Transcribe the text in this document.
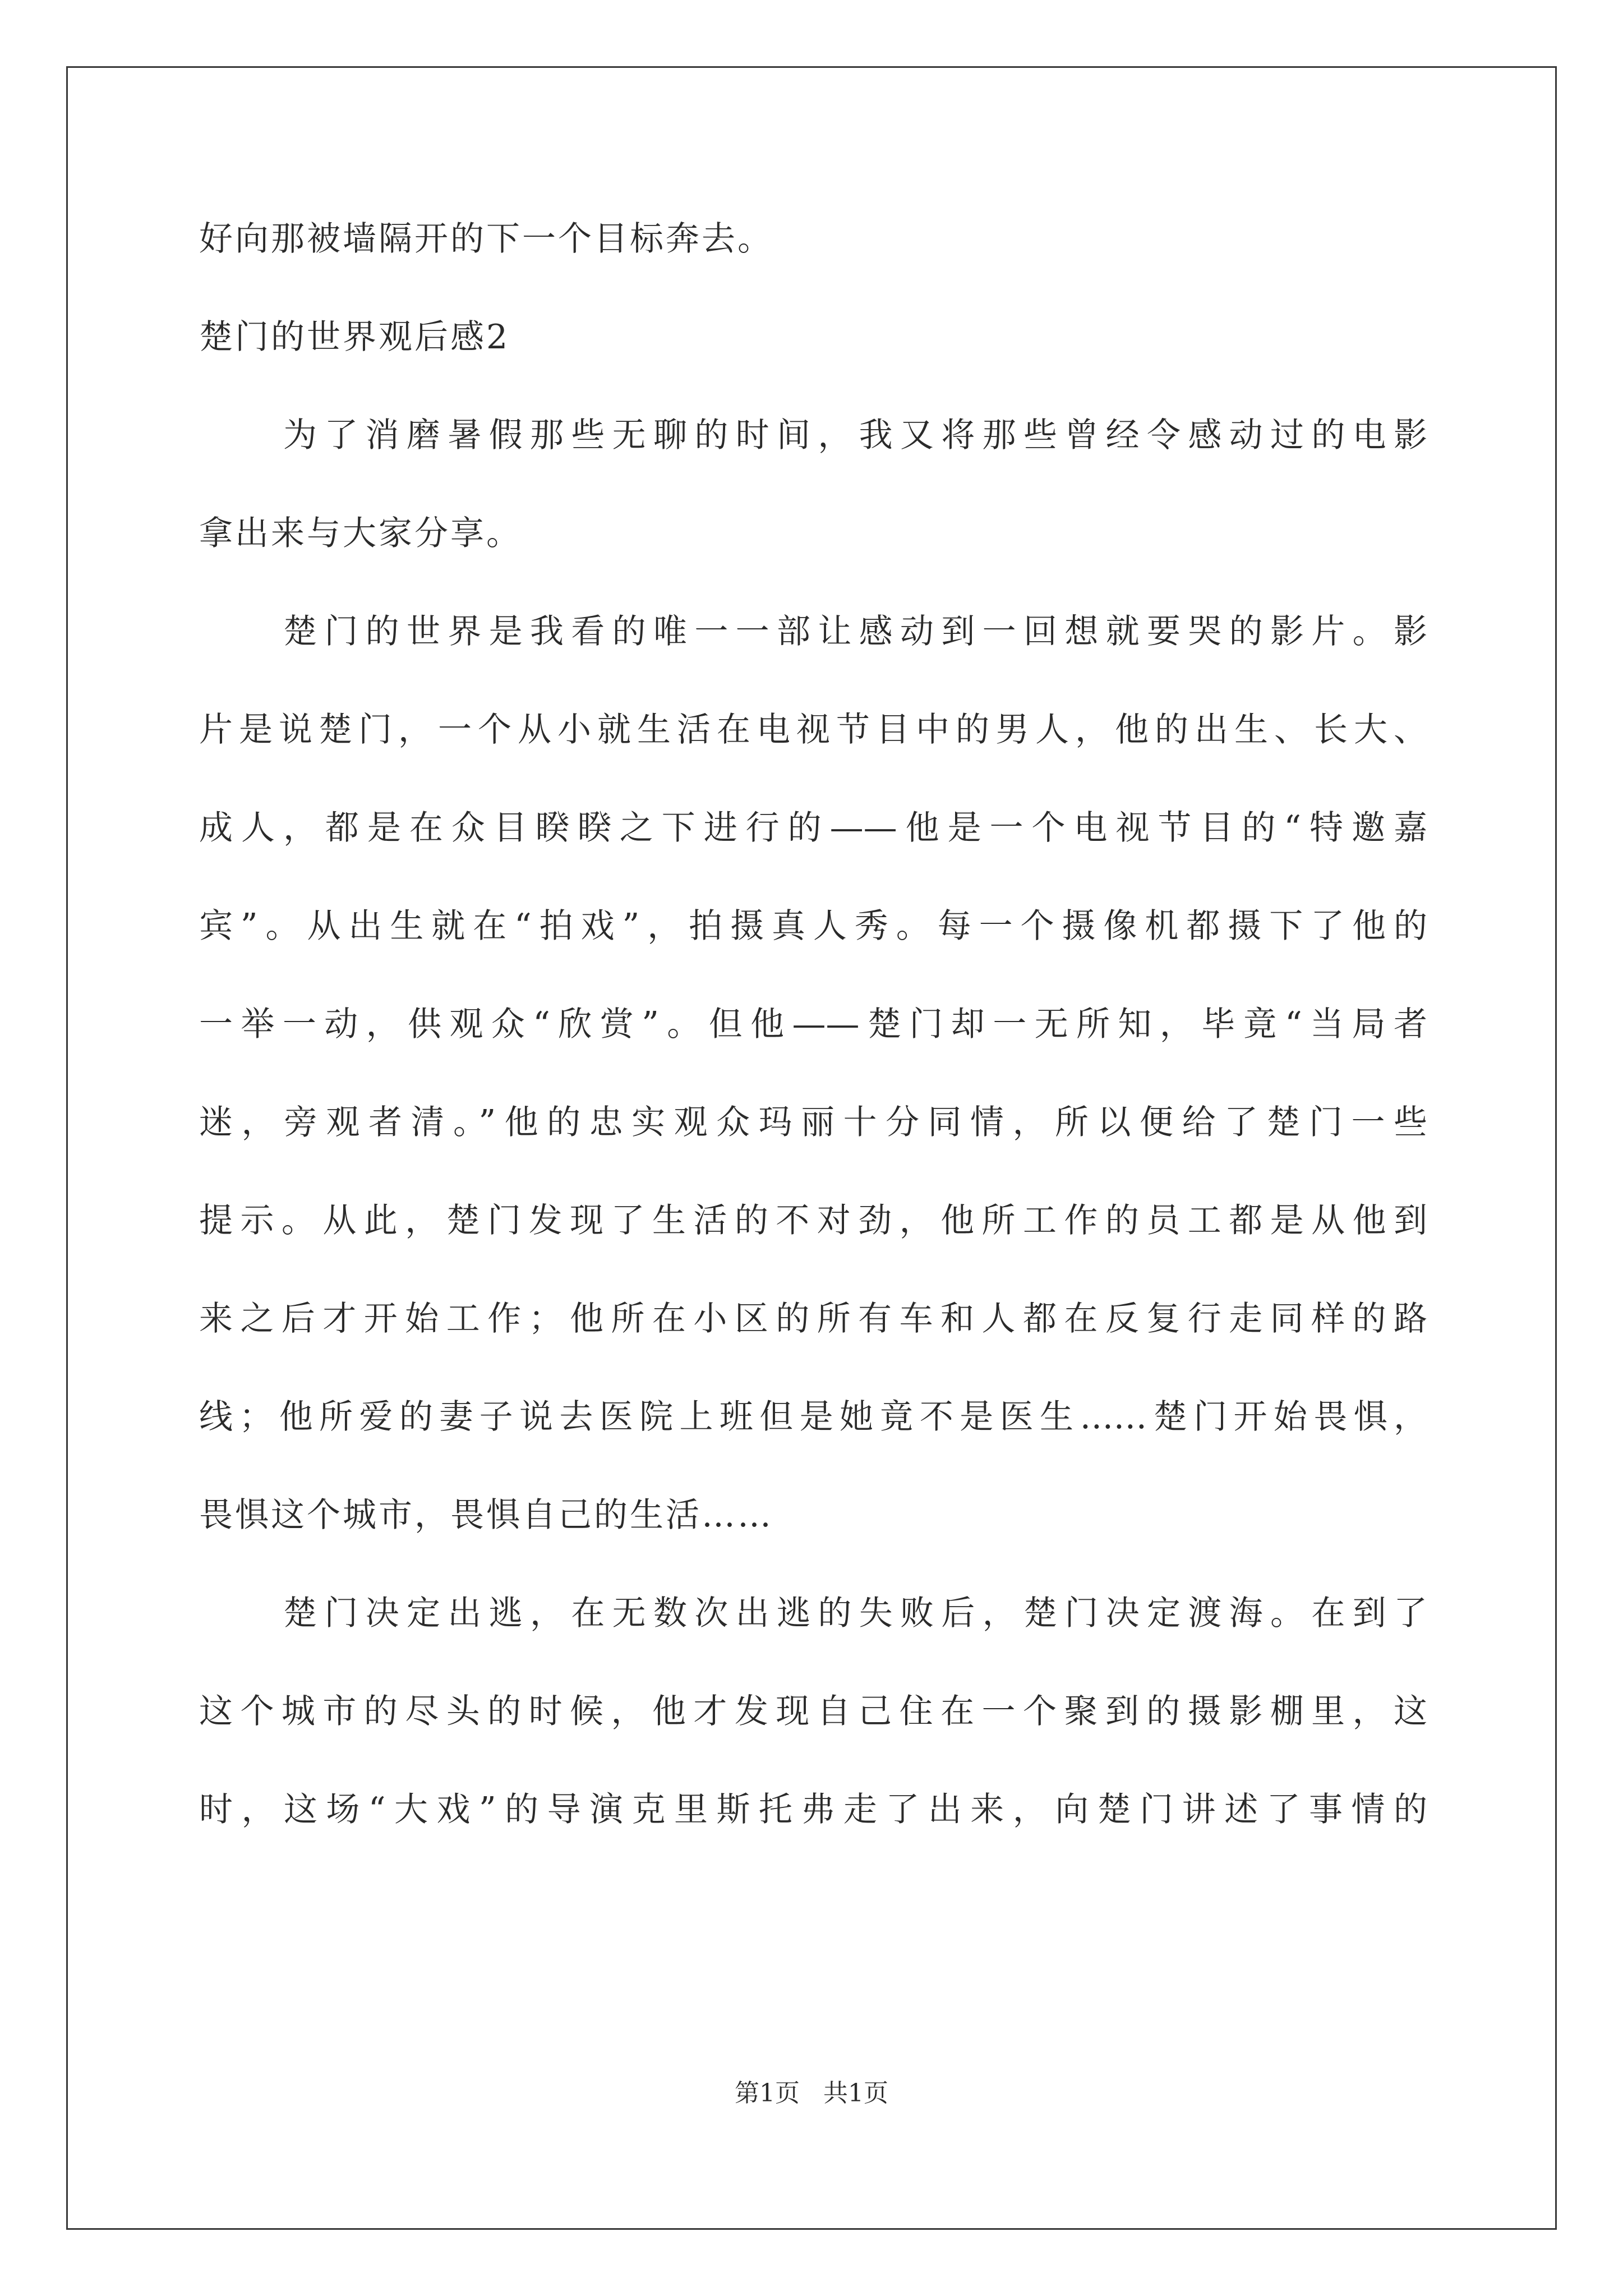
好向那被墙隔开的下一个目标奔去。
楚门的世界观后感2
为了消磨暑假那些无聊的时间，我又将那些曾经令感动过的电影
拿出来与大家分享。
楚门的世界是我看的唯一一部让感动到一回想就要哭的影片。影
片是说楚门，一个从小就生活在电视节目中的男人，他的出生、长大、
成人，都是在众目睽睽之下进行的——他是一个电视节目的“特邀嘉
宾”。从出生就在“拍戏”，拍摄真人秀。每一个摄像机都摄下了他的
一举一动，供观众“欣赏”。但他——楚门却一无所知，毕竟“当局者
迷，旁观者清。”他的忠实观众玛丽十分同情，所以便给了楚门一些
提示。从此，楚门发现了生活的不对劲，他所工作的员工都是从他到
来之后才开始工作；他所在小区的所有车和人都在反复行走同样的路
线；他所爱的妻子说去医院上班但是她竟不是医生……楚门开始畏惧，
畏惧这个城市，畏惧自己的生活……
楚门决定出逃，在无数次出逃的失败后，楚门决定渡海。在到了
这个城市的尽头的时候，他才发现自己住在一个聚到的摄影棚里，这
时，这场“大戏”的导演克里斯托弗走了出来，向楚门讲述了事情的
第1页 共1页
